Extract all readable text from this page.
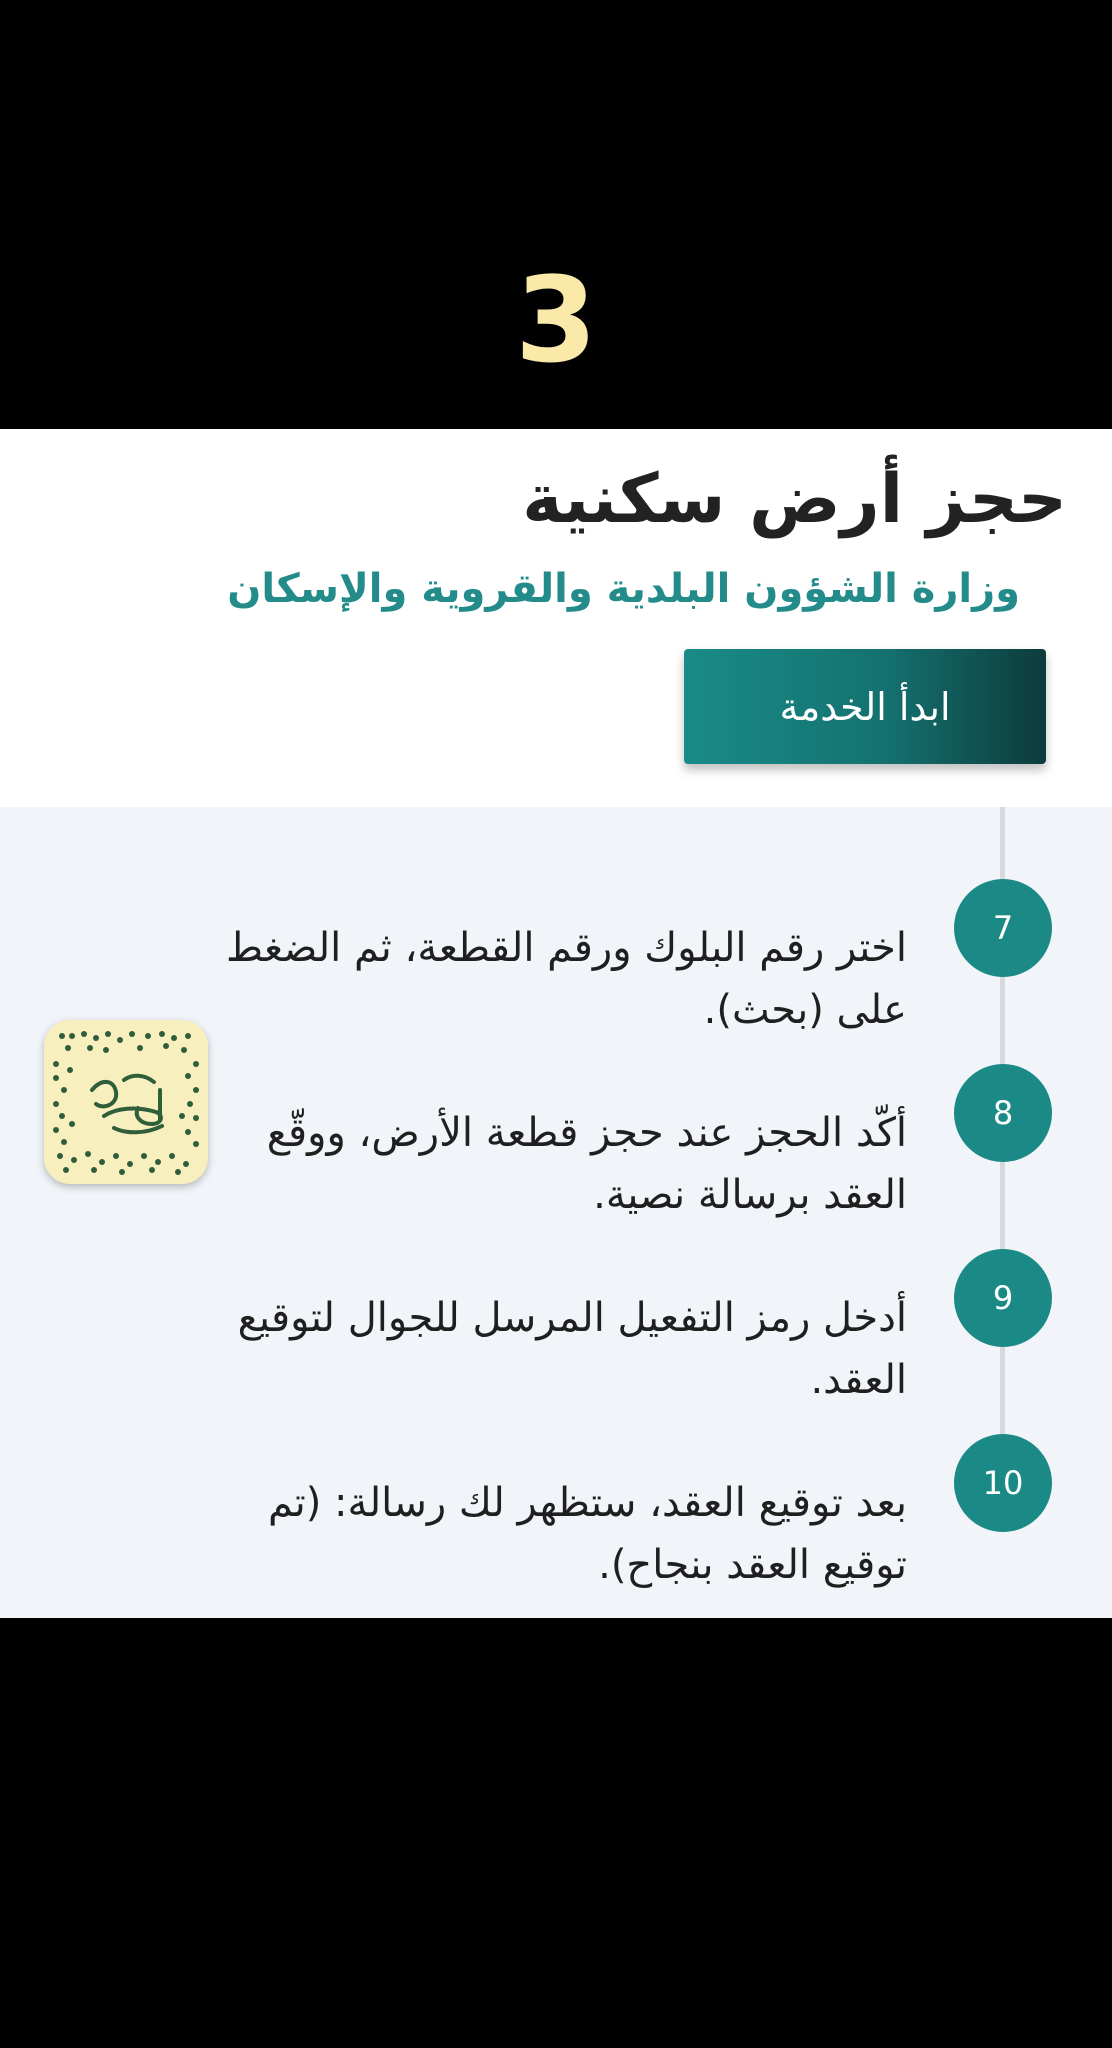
3
حجز أرض سكنية
وزارة الشؤون البلدية والقروية والإسكان
ابدأ الخدمة
7
اختر رقم البلوك ورقم القطعة، ثم الضغط على (بحث).
8
أكّد الحجز عند حجز قطعة الأرض، ووقّع العقد برسالة نصية.
9
أدخل رمز التفعيل المرسل للجوال لتوقيع العقد.
10
بعد توقيع العقد، ستظهر لك رسالة: (تم توقيع العقد بنجاح).
